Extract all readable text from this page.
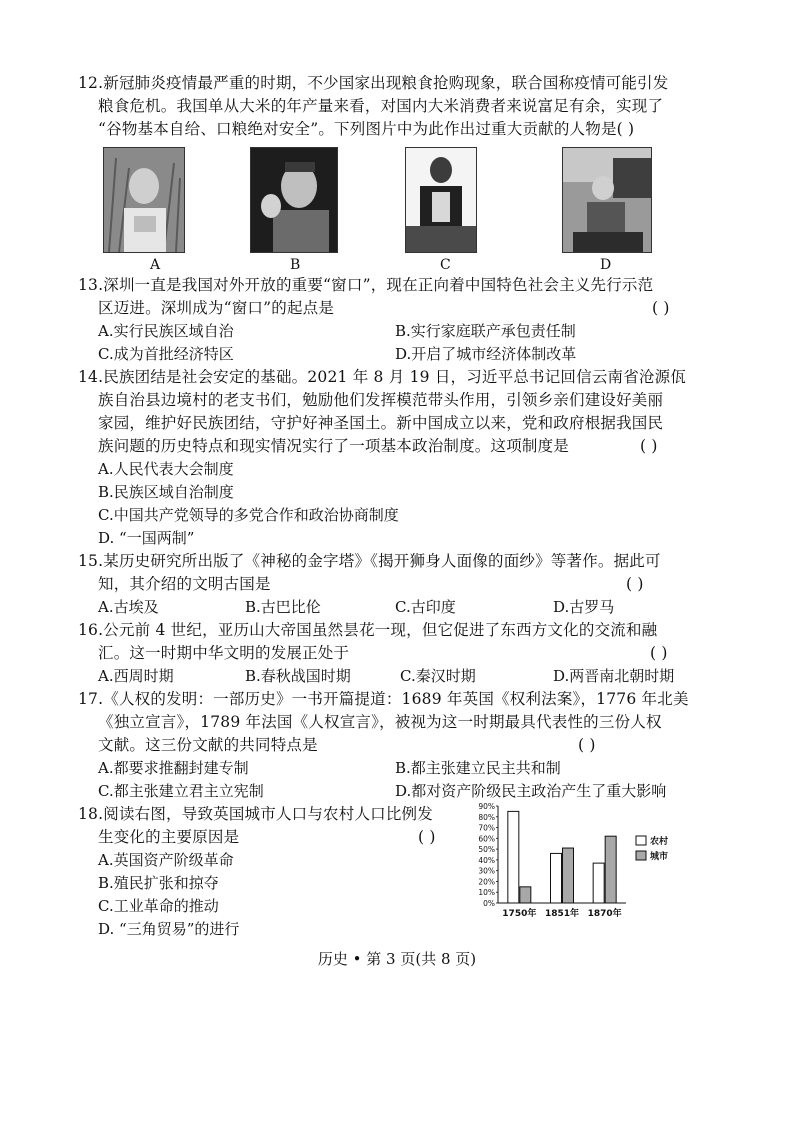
12.新冠肺炎疫情最严重的时期，不少国家出现粮食抢购现象，联合国称疫情可能引发
粮食危机。我国单从大米的年产量来看，对国内大米消费者来说富足有余，实现了
“谷物基本自给、口粮绝对安全”。下列图片中为此作出过重大贡献的人物是( )
A	B	C	D
13.深圳一直是我国对外开放的重要“窗口”，现在正向着中国特色社会主义先行示范
区迈进。深圳成为“窗口”的起点是	( )
A.实行民族区域自治	B.实行家庭联产承包责任制
C.成为首批经济特区	D.开启了城市经济体制改革
14.民族团结是社会安定的基础。2021 年 8 月 19 日，习近平总书记回信云南省沧源佤
族自治县边境村的老支书们，勉励他们发挥模范带头作用，引领乡亲们建设好美丽
家园，维护好民族团结，守护好神圣国土。新中国成立以来，党和政府根据我国民
族问题的历史特点和现实情况实行了一项基本政治制度。这项制度是	( )
A.人民代表大会制度
B.民族区域自治制度
C.中国共产党领导的多党合作和政治协商制度
D. “一国两制”
15.某历史研究所出版了《神秘的金字塔》《揭开狮身人面像的面纱》等著作。据此可
知，其介绍的文明古国是	( )
A.古埃及	B.古巴比伦	C.古印度	D.古罗马
16.公元前 4 世纪，亚历山大帝国虽然昙花一现，但它促进了东西方文化的交流和融
汇。这一时期中华文明的发展正处于	( )
A.西周时期	B.春秋战国时期	C.秦汉时期	D.两晋南北朝时期
17.《人权的发明：一部历史》一书开篇提道：1689 年英国《权利法案》，1776 年北美
《独立宣言》，1789 年法国《人权宣言》，被视为这一时期最具代表性的三份人权
文献。这三份文献的共同特点是	( )
A.都要求推翻封建专制	B.都主张建立民主共和制
C.都主张建立君主立宪制	D.都对资产阶级民主政治产生了重大影响
18.阅读右图，导致英国城市人口与农村人口比例发
生变化的主要原因是	( )
A.英国资产阶级革命
B.殖民扩张和掠夺
C.工业革命的推动
D. “三角贸易”的进行
0%
10%
20%
30%
40%
50%
60%
70%
80%
90%
1750年 1851年 1870年
农村
城市
历史 • 第 3 页(共 8 页)
